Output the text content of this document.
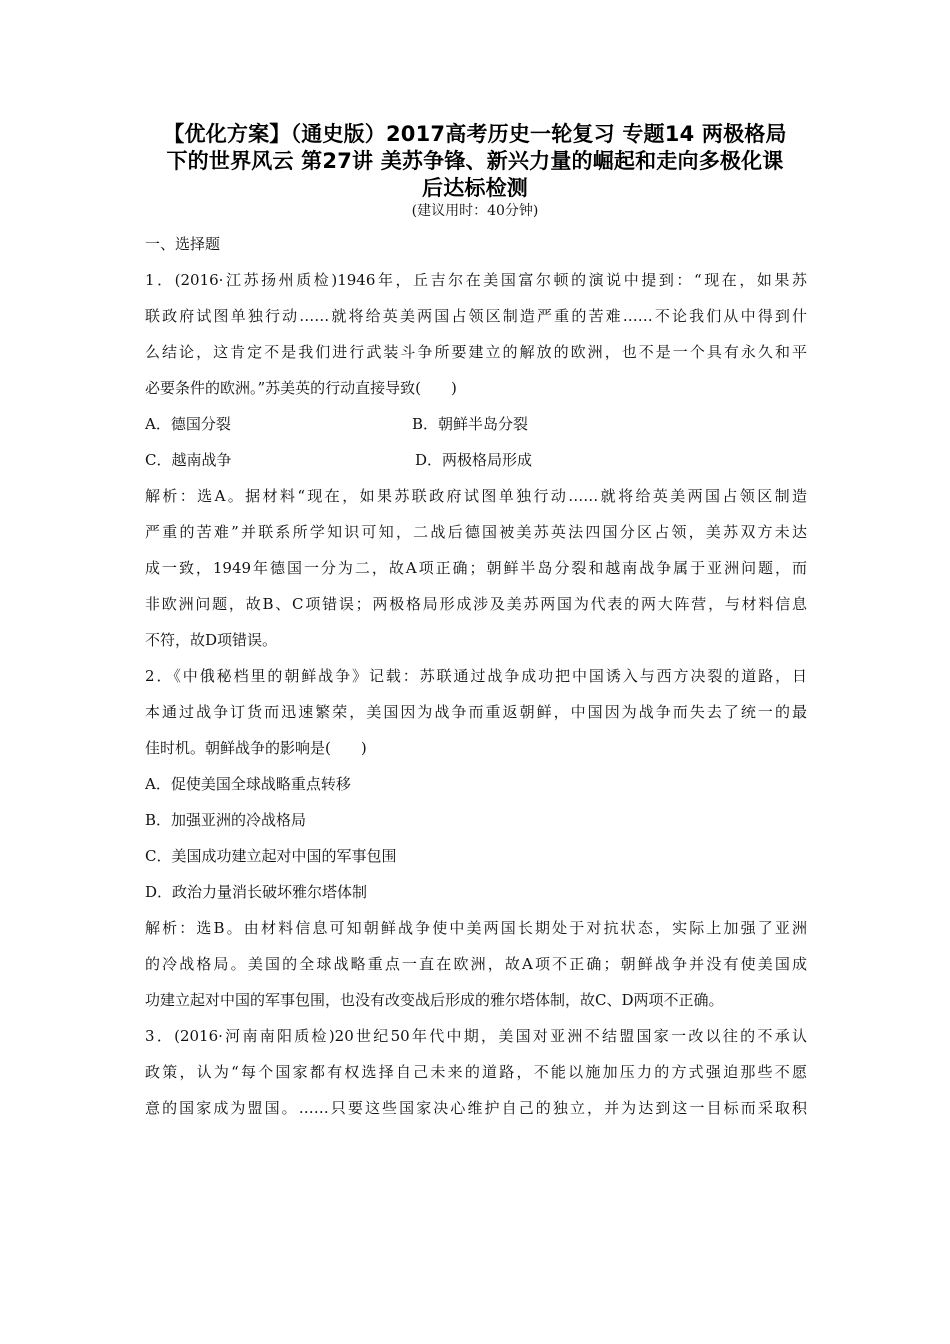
【优化方案】（通史版）2017高考历史一轮复习 专题14 两极格局
下的世界风云 第27讲 美苏争锋、新兴力量的崛起和走向多极化课
后达标检测
(建议用时：40分钟)
一、选择题
1．(2016·江苏扬州质检)1946年，丘吉尔在美国富尔顿的演说中提到：“现在，如果苏
联政府试图单独行动……就将给英美两国占领区制造严重的苦难……不论我们从中得到什
么结论，这肯定不是我们进行武装斗争所要建立的解放的欧洲，也不是一个具有永久和平
必要条件的欧洲。”苏美英的行动直接导致(　　)
A．德国分裂	B．朝鲜半岛分裂
C．越南战争	D．两极格局形成
解析：选A。据材料“现在，如果苏联政府试图单独行动……就将给英美两国占领区制造
严重的苦难”并联系所学知识可知，二战后德国被美苏英法四国分区占领，美苏双方未达
成一致，1949年德国一分为二，故A项正确；朝鲜半岛分裂和越南战争属于亚洲问题，而
非欧洲问题，故B、C项错误；两极格局形成涉及美苏两国为代表的两大阵营，与材料信息
不符，故D项错误。
2．《中俄秘档里的朝鲜战争》记载：苏联通过战争成功把中国诱入与西方决裂的道路，日
本通过战争订货而迅速繁荣，美国因为战争而重返朝鲜，中国因为战争而失去了统一的最
佳时机。朝鲜战争的影响是(　　)
A．促使美国全球战略重点转移
B．加强亚洲的冷战格局
C．美国成功建立起对中国的军事包围
D．政治力量消长破坏雅尔塔体制
解析：选B。由材料信息可知朝鲜战争使中美两国长期处于对抗状态，实际上加强了亚洲
的冷战格局。美国的全球战略重点一直在欧洲，故A项不正确；朝鲜战争并没有使美国成
功建立起对中国的军事包围，也没有改变战后形成的雅尔塔体制，故C、D两项不正确。
3．(2016·河南南阳质检)20世纪50年代中期，美国对亚洲不结盟国家一改以往的不承认
政策，认为“每个国家都有权选择自己未来的道路，不能以施加压力的方式强迫那些不愿
意的国家成为盟国。……只要这些国家决心维护自己的独立，并为达到这一目标而采取积
